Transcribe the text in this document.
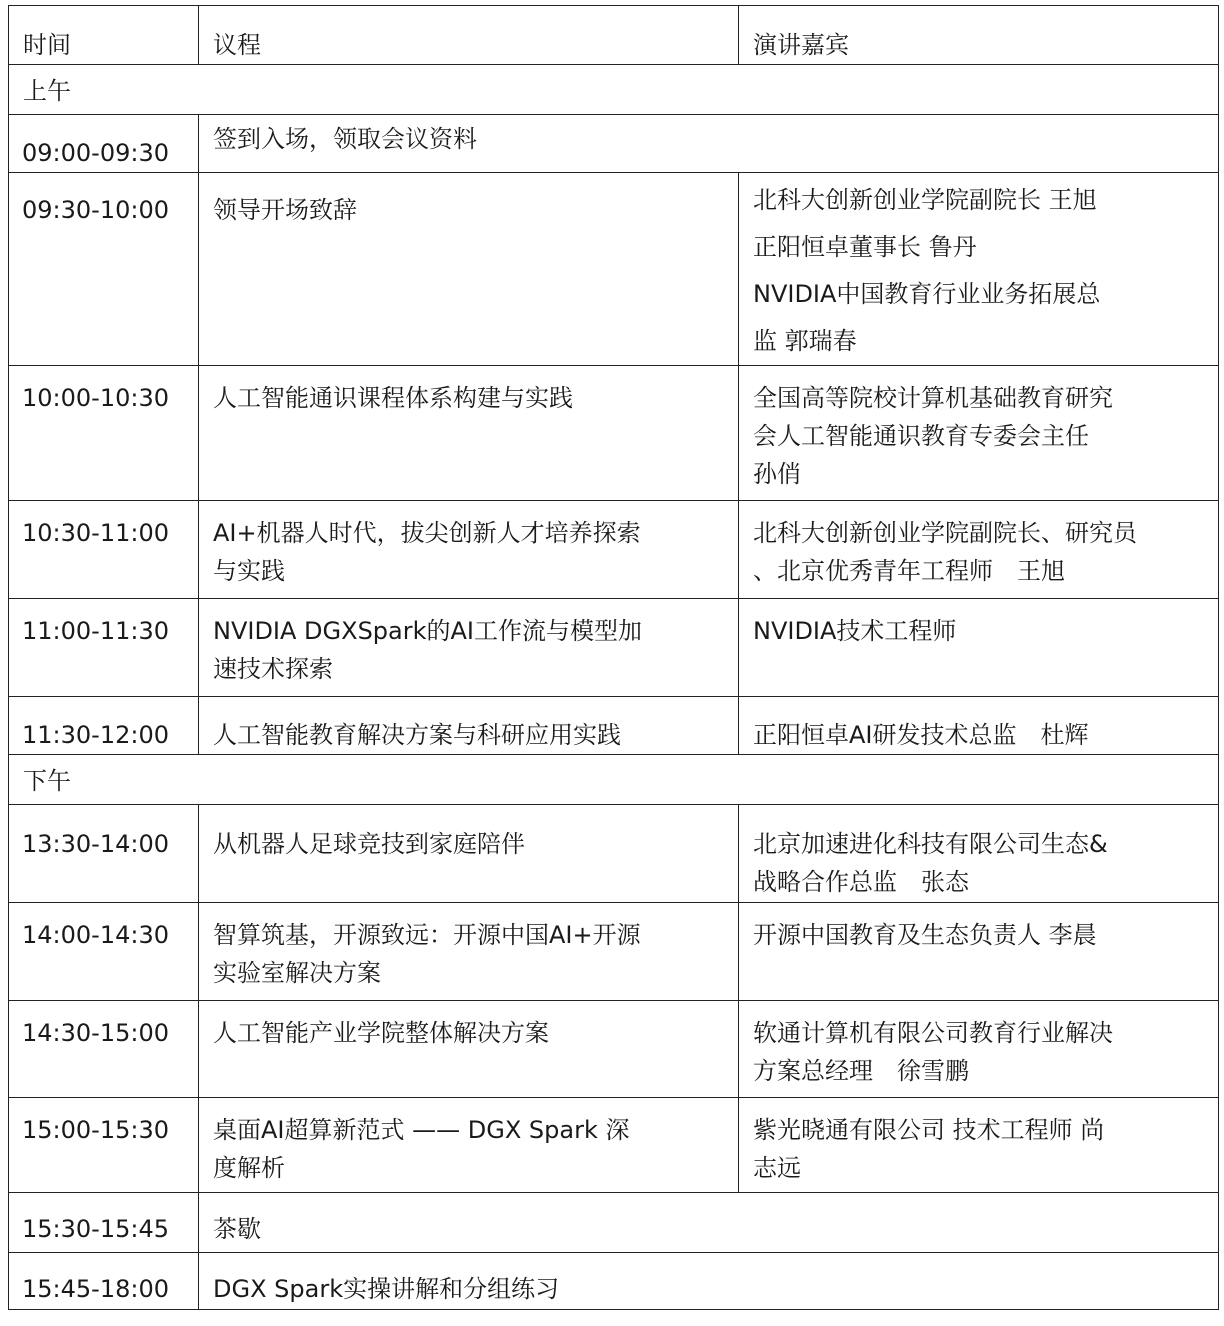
时间	议程	演讲嘉宾
上午		
09:00-09:30	签到入场，领取会议资料	
09:30-10:00	领导开场致辞	北科大创新创业学院副院长 王旭
正阳恒卓董事长 鲁丹
NVIDIA中国教育行业业务拓展总
监 郭瑞春

10:00-10:30	人工智能通识课程体系构建与实践	全国高等院校计算机基础教育研究
会人工智能通识教育专委会主任
孙俏

10:30-11:00	AI+机器人时代，拔尖创新人才培养探索
与实践	北科大创新创业学院副院长、研究员
、北京优秀青年工程师　王旭

11:00-11:30	NVIDIA DGXSpark的AI工作流与模型加
速技术探索	NVIDIA技术工程师

11:30-12:00	人工智能教育解决方案与科研应用实践	正阳恒卓AI研发技术总监　杜辉

下午		
13:30-14:00	从机器人足球竞技到家庭陪伴	北京加速进化科技有限公司生态&
战略合作总监　张态

14:00-14:30	智算筑基，开源致远：开源中国AI+开源
实验室解决方案	开源中国教育及生态负责人 李晨

14:30-15:00	人工智能产业学院整体解决方案	软通计算机有限公司教育行业解决
方案总经理　徐雪鹏

15:00-15:30	桌面AI超算新范式 —— DGX Spark 深
度解析	紫光晓通有限公司 技术工程师 尚
志远

15:30-15:45	茶歇	
15:45-18:00	DGX Spark实操讲解和分组练习	
